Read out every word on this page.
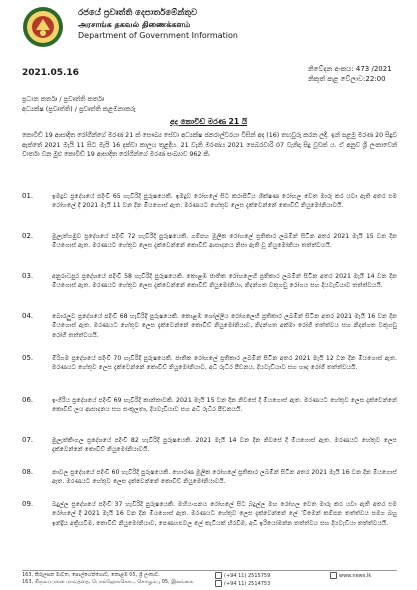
රජයේ ප්‍රවෘත්ති දෙපාර්තමේන්තුව
அரசாங்க தகவல் திணைக்களம்
Department of Government Information
2021.05.16	නිවේදන අංකය: 473 /2021
නිකුත් කළ වේලාව:22:00
ප්‍රධාන කර්තෘ / ප්‍රවෘත්ති කර්තෘ
අධ්‍යක්ෂ (ප්‍රවෘත්ති) / ප්‍රවෘත්ති කළමනාකරු
අද කොවිඩ් මරණ 21 යි
කොවිඩ් 19 ආසාදිත රෝගීන්ගේ මරණ 21 ක් සෞඛ්‍ය සේවා අධ්‍යක්ෂ ජනරාල්වරයා විසින් අද (16) තහවුරු කරන ලදී. ඉන් පළමු මරණ 20 සිදුව ඇත්තේ 2021 මැයි 11 සිට මැයි 16 දක්වා කාලය තුළදීය. 21 වැනි මරණය 2021 පෙබරවාරි 07 වැනිදා සිදු වූවක් ය. ඒ අනුව ශ්‍රී ලංකාවෙන් වාර්තා වන මුළු කොවිඩ් 19 ආසාදිත රෝගීන්ගේ මරණ සංඛ්‍යාව 962 කි.
01.	ඉමදුව ප්‍රදේශයේ පදිංචි 65 හැවිරිදි පුරුෂයෙකි. ඉමදුව රෝහලේ සිට කරාපිටිය ශික්ෂණ රෝහල වෙත මාරු කර යවා ඇති අතර එම රෝහලේ දී 2021 මැයි 11 වන දින මියගොස් ඇත. මරණයට හේතුව ලෙස දැක්වෙන්නේ කොවිඩ් නියුමෝනියාවයි.
02.	මුලැත්ගමුව ප්‍රදේශයේ පදිංචි 72 හැවිරිදි පුරුෂයෙකි. ගම්පහ මූලික රෝහලේ ප්‍රතිකාර ලබමින් සිටින අතර 2021 මැයි 15 වන දින මියගොස් ඇත. මරණයට හේතුව ලෙස දැක්වෙන්නේ කොවිඩ් ආසාදනය නිසා ඇති වූ නියුමෝනියා තත්ත්වයයි.
03.	අනුරාධපුර ප්‍රදේශයේ පදිංචි 58 හැවිරිදි පුරුෂයෙකි. කොළඹ ජාතික රෝහලෙහි ප්‍රතිකාර ලබමින් සිටින අතර 2021 මැයි 14 වන දින මියගොස් ඇත. මරණයට හේතුව ලෙස දැක්වෙන්නේ කොවිඩ් නියුමෝනියා, නිදන්ගත වකුගඩු රෝගය සහ දියවැඩියාව තත්ත්වයයි.
04.	බොරලුව ප්‍රදේශයේ පදිංචි 68 හැවිරිදි පුරුෂයෙකි. කොළඹ ශෝල්ලිය රෝහලෙහි ප්‍රතිකාර ලබමින් සිටින අතර 2021 මැයි 16 වන දින මියගොස් ඇත. මරණයට හේතුව ලෙස දැක්වෙන්නේ කොවිඩ් නියුමෝනියාව, නිදන්ගත අක්මා රෝගී තත්ත්වය සහ නිදන්ගත වකුගඩු රෝගී තත්ත්වයයි.
05.	මීරිගම ප්‍රදේශයේ පදිංචි 70 හැවිරිදි පුරුෂයෙකි. ජාතික රෝහලේ ප්‍රතිකාර ලබමින් සිටින අතර 2021 මැයි 12 වන දින මියගොස් ඇත. මරණයට හේතුව ලෙස දැක්වෙන්නේ කොවිඩ් නියුමෝනියාව, අධි රුධිර පීඩනය, දියවැඩියාව සහ හෘද රෝගී තත්ත්වයයි.
06.	ඉංගිරිය ප්‍රදේශයේ පදිංචි 69 හැවිරිදි කාන්තාවකි. 2021 මැයි 15 වන දින නිවසේ දී මියගොස් ඇත. මරණයට හේතුව ලෙස දැක්වෙන්නේ කොවිඩ් ලය ආසාදනය සහ සංකූලතා, දියවැඩියාව සහ අධි රුධිර පීඩනයයි.
07.	මුලැත්කිංගල ප්‍රදේශයේ පදිංචි 82 හැවිරිදි පුරුෂයෙකි. 2021 මැයි 14 වන දින නිවසේ දී මියගොස් ඇත. මරණයට හේතුව ලෙස දැක්වෙන්නේ කොවිඩ් නියුමෝනියාවයි.
08.	නාවල ප්‍රදේශයේ පදිංචි 60 හැවිරිදි පුරුෂයෙකි. හොරණ මූලික රෝහලේ ප්‍රතිකාර ලබමින් සිටින අතර 2021 මැයි 16 වන දින මියගොස් ඇත. මරණයට හේතුව ලෙස දැක්වෙන්නේ කොවිඩ් නියුමෝනියාවයි.
09.	බදුල්ල ප්‍රදේශයේ පදිංචි 37 හැවිරිදි පුරුෂයෙකි. මහියංගනය රෝහලේ සිට බදුල්ල මහ රෝහල වෙත මාරු කර යවා ඇති අතර එම රෝහලේ දී 2021 මැයි 16 වන දින මියගොස් ඇත. මරණයට හේතුව ලෙස දැක්වෙන්නේ ලේ්වීමෙන් කම්පන තත්ත්වය සමග බහු ඉන්ද්‍රිය අක්‍රියවීම, කොවිඩ් නියුමෝනියාව, පෙණහළුවල ලේ කැටියක් හිරවීම, අධි ඉරියෝමන්න තත්ත්වය සහ දියවැඩියා තත්ත්වයයි.
163, කිරුලපන මාවත, පොල්හේන්ගොඩ, කොළඹ 05, ශ්‍රී ලංකාව.
163, கிருலப்பனை மாவத்தை, பொல்ஹேங்கொட, கொழும்பு 05, இலங்கை.
(+94 11) 2515759
(+94 11) 2514753
www.news.lk
